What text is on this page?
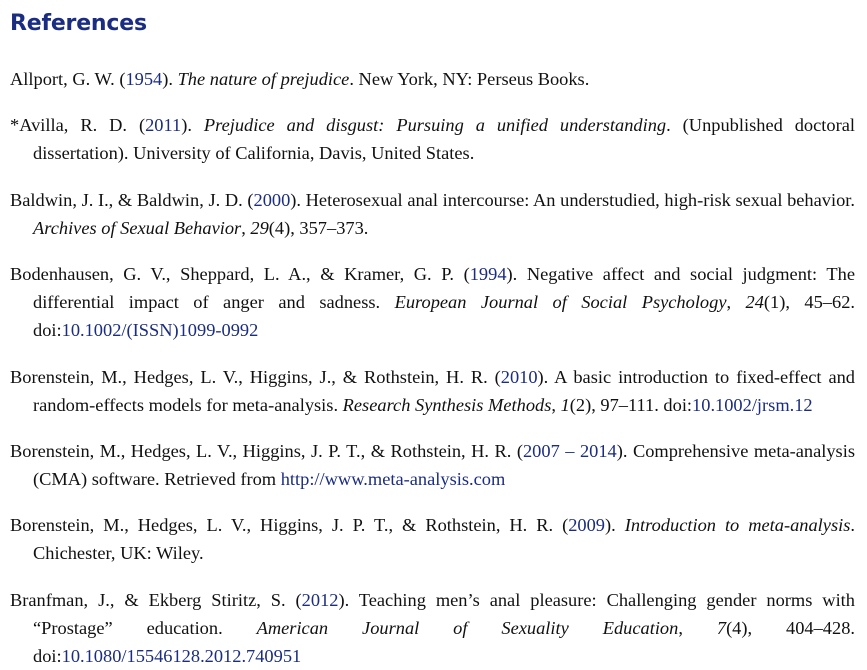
References

Allport, G. W. (1954). The nature of prejudice. New York, NY: Perseus Books.

*Avilla, R. D. (2011). Prejudice and disgust: Pursuing a unified understanding. (Unpublished doctoral dissertation). University of California, Davis, United States.

Baldwin, J. I., & Baldwin, J. D. (2000). Heterosexual anal intercourse: An understudied, high-risk sexual behavior. Archives of Sexual Behavior, 29(4), 357–373.

Bodenhausen, G. V., Sheppard, L. A., & Kramer, G. P. (1994). Negative affect and social judgment: The differential impact of anger and sadness. European Journal of Social Psychology, 24(1), 45–62. doi:10.1002/(ISSN)1099-0992

Borenstein, M., Hedges, L. V., Higgins, J., & Rothstein, H. R. (2010). A basic introduction to fixed-effect and random-effects models for meta-analysis. Research Synthesis Methods, 1(2), 97–111. doi:10.1002/jrsm.12

Borenstein, M., Hedges, L. V., Higgins, J. P. T., & Rothstein, H. R. (2007 – 2014). Comprehensive meta-analysis (CMA) software. Retrieved from http://www.meta-analysis.com

Borenstein, M., Hedges, L. V., Higgins, J. P. T., & Rothstein, H. R. (2009). Introduction to meta-analysis. Chichester, UK: Wiley.

Branfman, J., & Ekberg Stiritz, S. (2012). Teaching men’s anal pleasure: Challenging gender norms with “Prostage” education. American Journal of Sexuality Education, 7(4), 404–428. doi:10.1080/15546128.2012.740951
